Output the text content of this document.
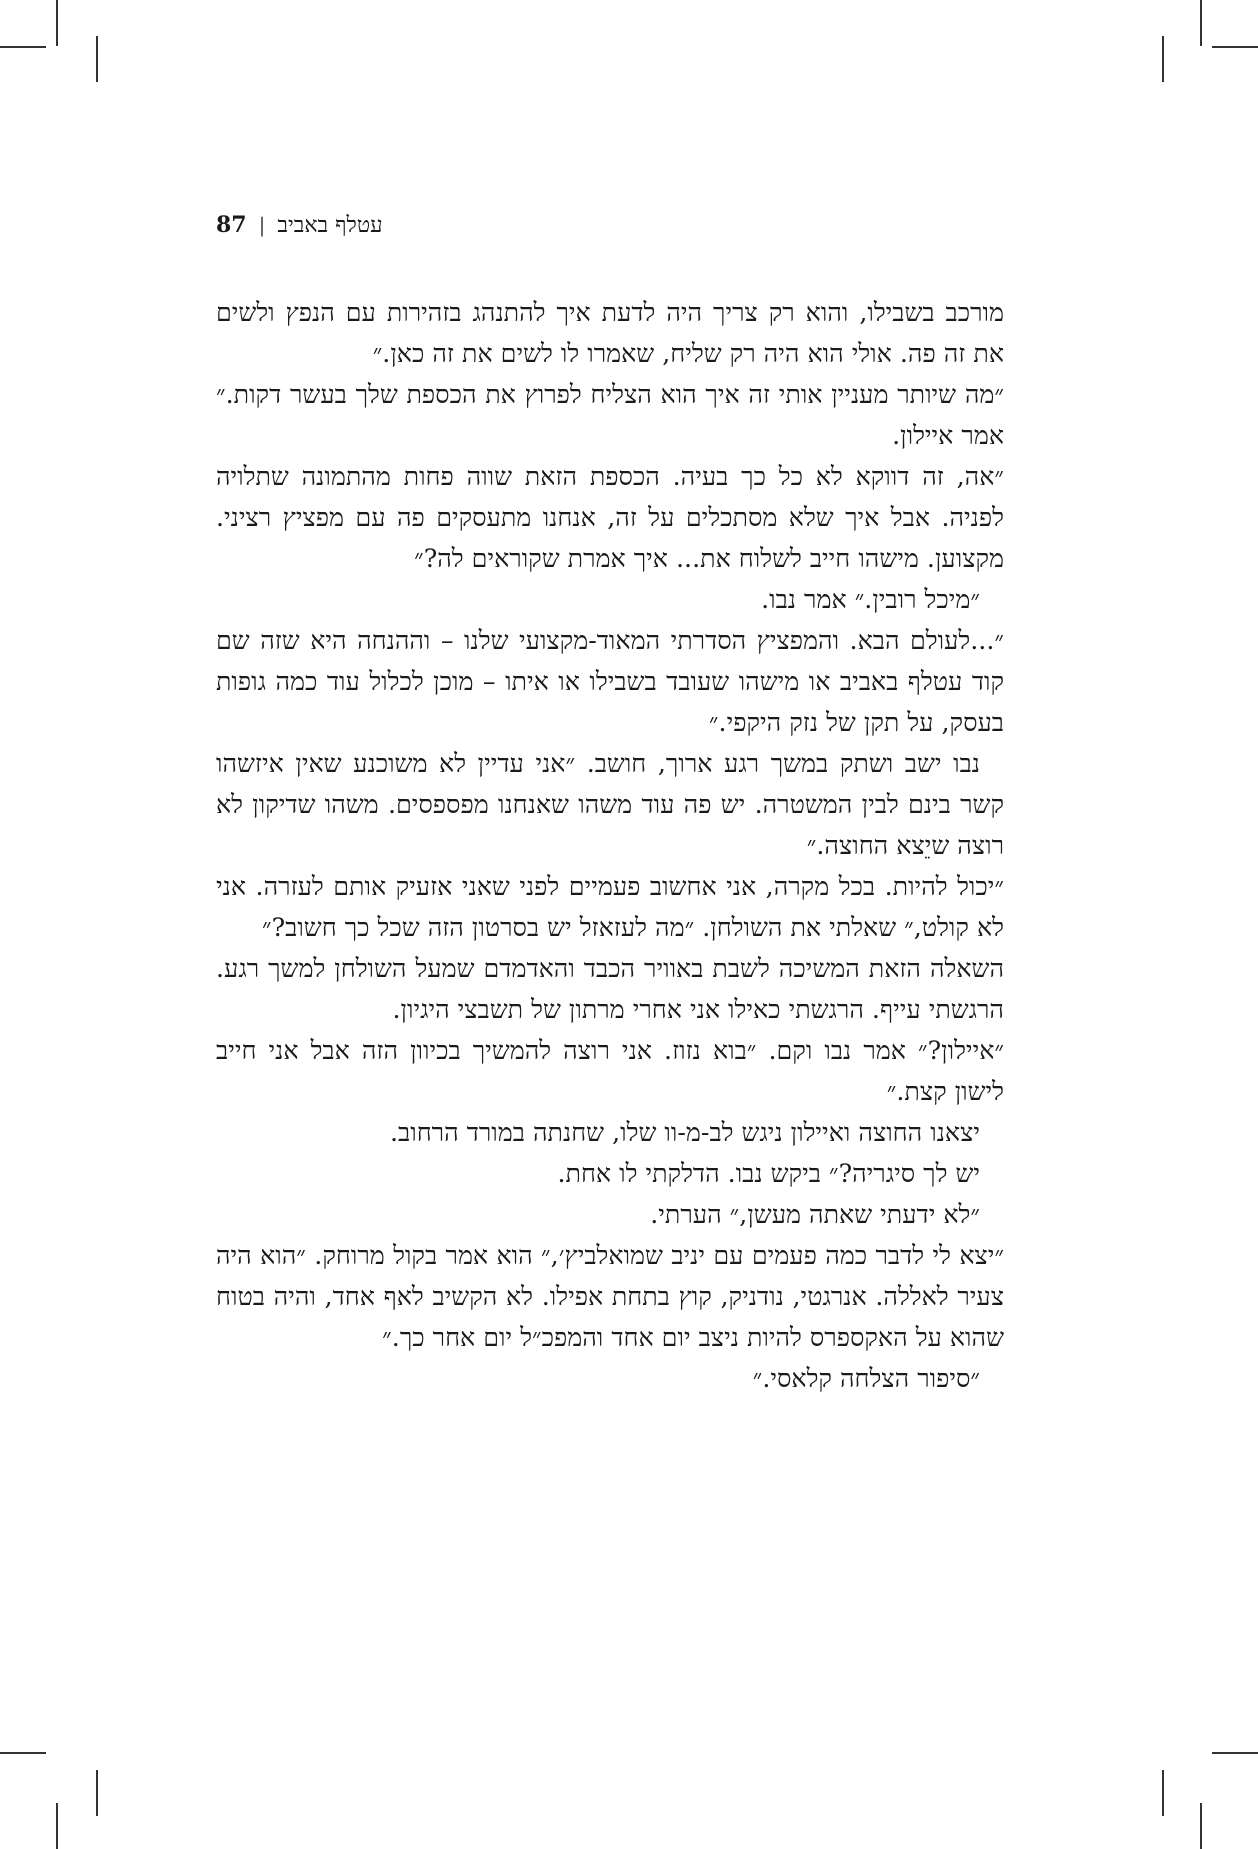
87 | עטלף באביב

מורכב בשבילו, והוא רק צריך היה לדעת איך להתנהג בזהירות עם הנפץ ולשים את זה פה. אולי הוא היה רק שליח, שאמרו לו לשים את זה כאן.״

״מה שיותר מעניין אותי זה איך הוא הצליח לפרוץ את הכספת שלך בעשר דקות.״ אמר איילון.

״אה, זה דווקא לא כל כך בעיה. הכספת הזאת שווה פחות מהתמונה שתלויה לפניה. אבל איך שלא מסתכלים על זה, אנחנו מתעסקים פה עם מפציץ רציני. מקצוען. מישהו חייב לשלוח את... איך אמרת שקוראים לה?״

״מיכל רובין.״ אמר נבו.

״...לעולם הבא. והמפציץ הסדרתי המאוד-מקצועי שלנו – וההנחה היא שזה שם קוד עטלף באביב או מישהו שעובד בשבילו או איתו – מוכן לכלול עוד כמה גופות בעסק, על תקן של נזק היקפי.״

נבו ישב ושתק במשך רגע ארוך, חושב. ״אני עדיין לא משוכנע שאין איזשהו קשר בינם לבין המשטרה. יש פה עוד משהו שאנחנו מפספסים. משהו שדיקון לא רוצה שיֵצא החוצה.״

״יכול להיות. בכל מקרה, אני אחשוב פעמיים לפני שאני אזעיק אותם לעזרה. אני לא קולט,״ שאלתי את השולחן. ״מה לעזאזל יש בסרטון הזה שכל כך חשוב?״

השאלה הזאת המשיכה לשבת באוויר הכבד והאדמדם שמעל השולחן למשך רגע. הרגשתי עייף. הרגשתי כאילו אני אחרי מרתון של תשבצי היגיון.

״איילון?״ אמר נבו וקם. ״בוא נזוז. אני רוצה להמשיך בכיוון הזה אבל אני חייב לישון קצת.״

יצאנו החוצה ואיילון ניגש לב-מ-וו שלו, שחנתה במורד הרחוב.

יש לך סיגריה?״ ביקש נבו. הדלקתי לו אחת.

״לא ידעתי שאתה מעשן,״ הערתי.

״יצא לי לדבר כמה פעמים עם יניב שמואלביץ׳,״ הוא אמר בקול מרוחק. ״הוא היה צעיר לאללה. אנרגטי, נודניק, קוץ בתחת אפילו. לא הקשיב לאף אחד, והיה בטוח שהוא על האקספרס להיות ניצב יום אחד והמפכ״ל יום אחר כך.״

״סיפור הצלחה קלאסי.״
